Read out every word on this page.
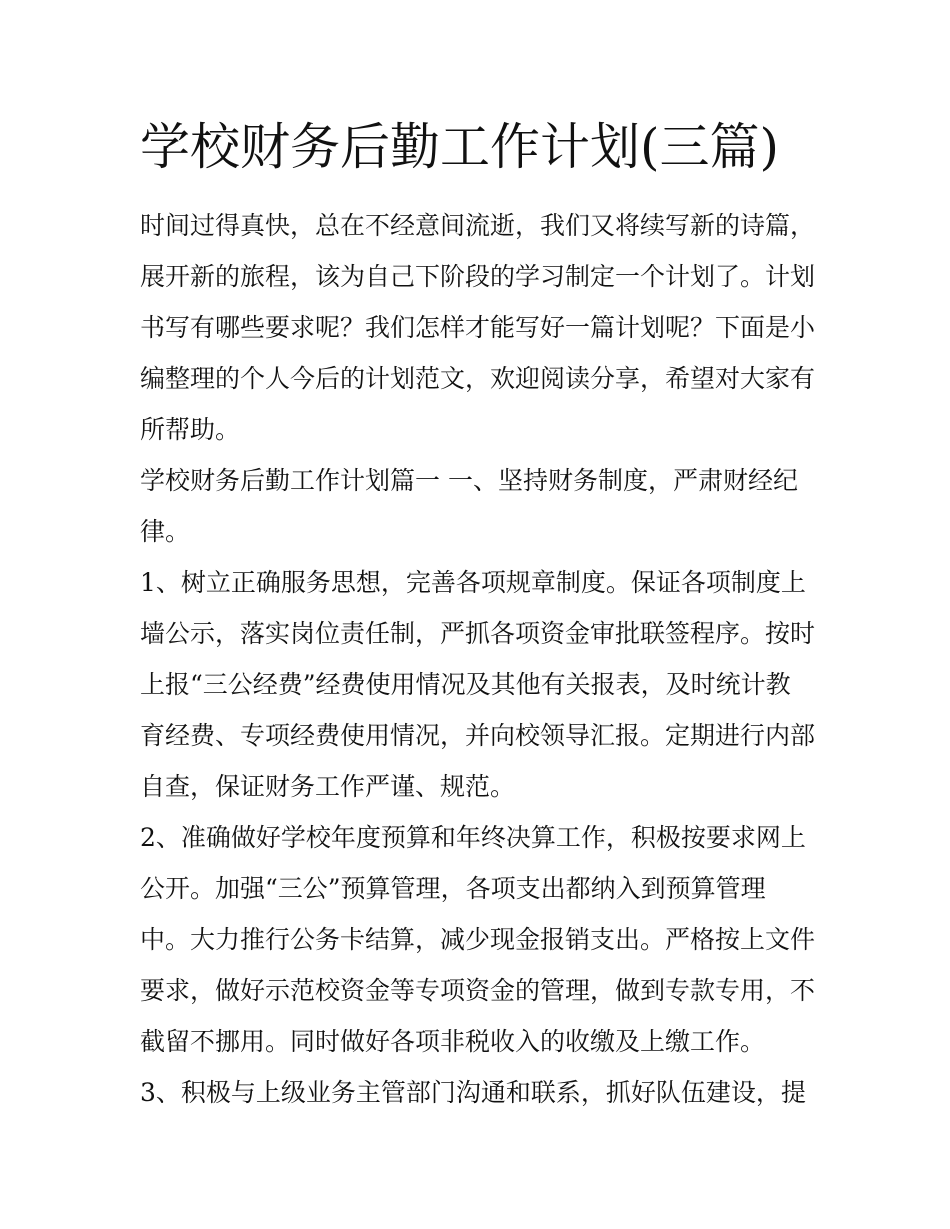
学校财务后勤工作计划(三篇)

时间过得真快，总在不经意间流逝，我们又将续写新的诗篇，展开新的旅程，该为自己下阶段的学习制定一个计划了。计划书写有哪些要求呢？我们怎样才能写好一篇计划呢？下面是小编整理的个人今后的计划范文，欢迎阅读分享，希望对大家有所帮助。

学校财务后勤工作计划篇一 一、坚持财务制度，严肃财经纪律。

1、树立正确服务思想，完善各项规章制度。保证各项制度上墙公示，落实岗位责任制，严抓各项资金审批联签程序。按时上报“三公经费”经费使用情况及其他有关报表，及时统计教育经费、专项经费使用情况，并向校领导汇报。定期进行内部自查，保证财务工作严谨、规范。

2、准确做好学校年度预算和年终决算工作，积极按要求网上公开。加强“三公”预算管理，各项支出都纳入到预算管理中。大力推行公务卡结算，减少现金报销支出。严格按上文件要求，做好示范校资金等专项资金的管理，做到专款专用，不截留不挪用。同时做好各项非税收入的收缴及上缴工作。

3、积极与上级业务主管部门沟通和联系，抓好队伍建设，提
